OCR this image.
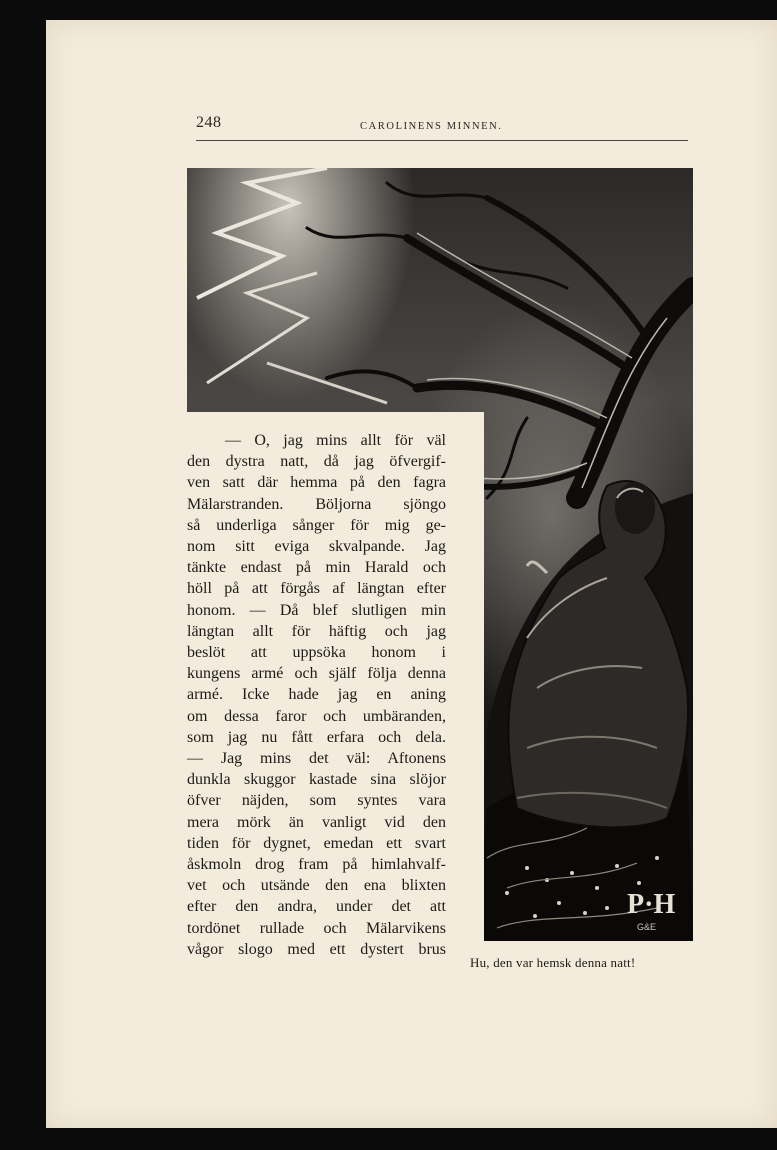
248	CAROLINENS MINNEN.
P·H
G&E
— O, jag mins allt för väl
den dystra natt, då jag öfvergif-
ven satt där hemma på den fagra
Mälarstranden. Böljorna sjöngo
så underliga sånger för mig ge-
nom sitt eviga skvalpande. Jag
tänkte endast på min Harald och
höll på att förgås af längtan efter
honom. — Då blef slutligen min
längtan allt för häftig och jag
beslöt att uppsöka honom i
kungens armé och själf följa denna
armé. Icke hade jag en aning
om dessa faror och umbäranden,
som jag nu fått erfara och dela.
— Jag mins det väl: Aftonens
dunkla skuggor kastade sina slöjor
öfver näjden, som syntes vara
mera mörk än vanligt vid den
tiden för dygnet, emedan ett svart
åskmoln drog fram på himlahvalf-
vet och utsände den ena blixten
efter den andra, under det att
tordönet rullade och Mälarvikens
vågor slogo med ett dystert brus
Hu, den var hemsk denna natt!
